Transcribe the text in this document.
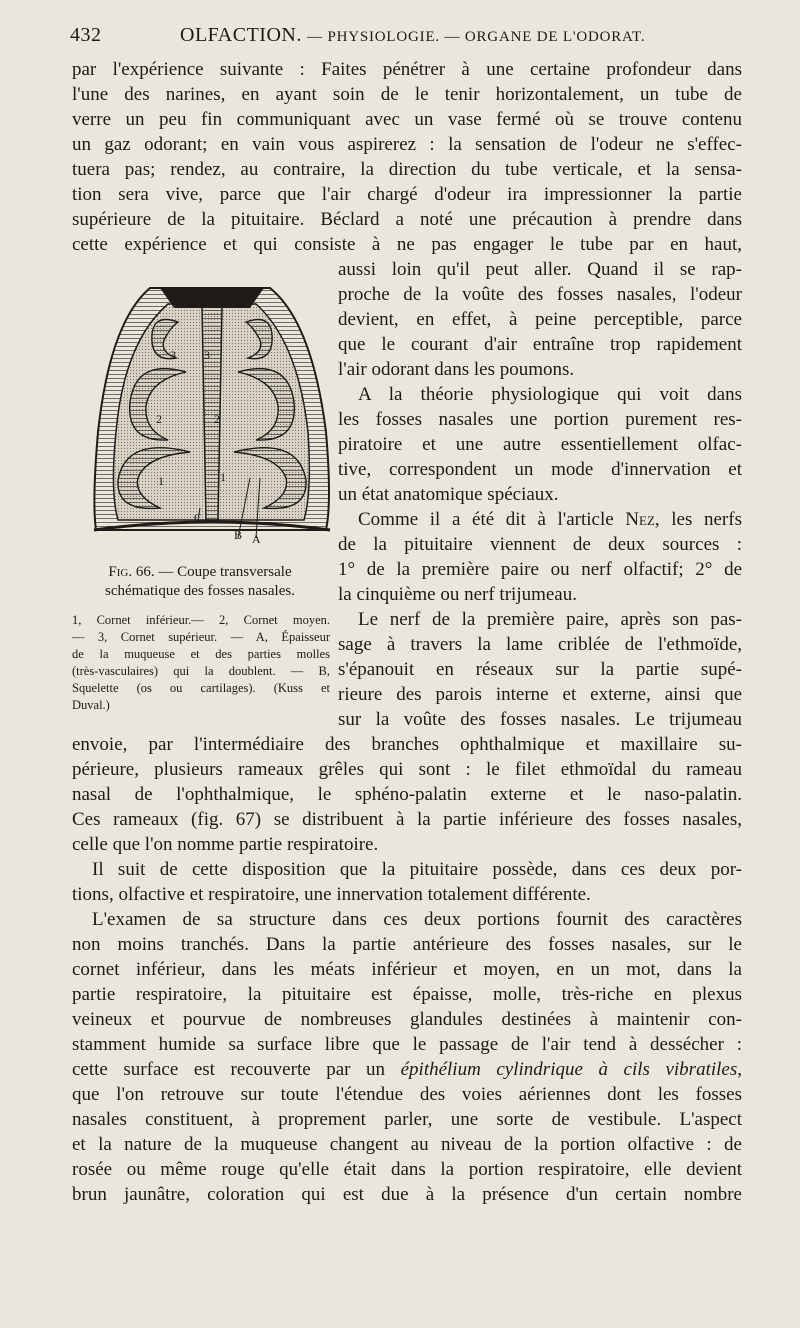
432	OLFACTION. — PHYSIOLOGIE. — ORGANE DE L'ODORAT.
par l'expérience suivante : Faites pénétrer à une certaine profondeur dans
l'une des narines, en ayant soin de le tenir horizontalement, un tube de
verre un peu fin communiquant avec un vase fermé où se trouve contenu
un gaz odorant; en vain vous aspirerez : la sensation de l'odeur ne s'effec-
tuera pas; rendez, au contraire, la direction du tube verticale, et la sensa-
tion sera vive, parce que l'air chargé d'odeur ira impressionner la partie
supérieure de la pituitaire. Béclard a noté une précaution à prendre dans
cette expérience et qui consiste à ne pas engager le tube par en haut,
aussi loin qu'il peut aller. Quand il se rap-
proche de la voûte des fosses nasales, l'odeur
devient, en effet, à peine perceptible, parce
que le courant d'air entraîne trop rapidement
l'air odorant dans les poumons.
A la théorie physiologique qui voit dans
les fosses nasales une portion purement res-
piratoire et une autre essentiellement olfac-
tive, correspondent un mode d'innervation et
un état anatomique spéciaux.
Comme il a été dit à l'article Nez, les nerfs
de la pituitaire viennent de deux sources :
1° de la première paire ou nerf olfactif; 2° de
la cinquième ou nerf trijumeau.
Le nerf de la première paire, après son pas-
sage à travers la lame criblée de l'ethmoïde,
s'épanouit en réseaux sur la partie supé-
rieure des parois interne et externe, ainsi que
sur la voûte des fosses nasales. Le trijumeau
3 3
2	2
1	1
C
B A
Fig. 66. — Coupe transversale
schématique des fosses nasales.
1, Cornet inférieur.— 2, Cornet moyen.
— 3, Cornet supérieur. — A, Épaisseur
de la muqueuse et des parties molles
(très-vasculaires) qui la doublent. — B,
Squelette (os ou cartilages). (Kuss et
Duval.)
envoie, par l'intermédiaire des branches ophthalmique et maxillaire su-
périeure, plusieurs rameaux grêles qui sont : le filet ethmoïdal du rameau
nasal de l'ophthalmique, le sphéno-palatin externe et le naso-palatin.
Ces rameaux (fig. 67) se distribuent à la partie inférieure des fosses nasales,
celle que l'on nomme partie respiratoire.
Il suit de cette disposition que la pituitaire possède, dans ces deux por-
tions, olfactive et respiratoire, une innervation totalement différente.
L'examen de sa structure dans ces deux portions fournit des caractères
non moins tranchés. Dans la partie antérieure des fosses nasales, sur le
cornet inférieur, dans les méats inférieur et moyen, en un mot, dans la
partie respiratoire, la pituitaire est épaisse, molle, très-riche en plexus
veineux et pourvue de nombreuses glandules destinées à maintenir con-
stamment humide sa surface libre que le passage de l'air tend à dessécher :
cette surface est recouverte par un épithélium cylindrique à cils vibratiles,
que l'on retrouve sur toute l'étendue des voies aériennes dont les fosses
nasales constituent, à proprement parler, une sorte de vestibule. L'aspect
et la nature de la muqueuse changent au niveau de la portion olfactive : de
rosée ou même rouge qu'elle était dans la portion respiratoire, elle devient
brun jaunâtre, coloration qui est due à la présence d'un certain nombre
